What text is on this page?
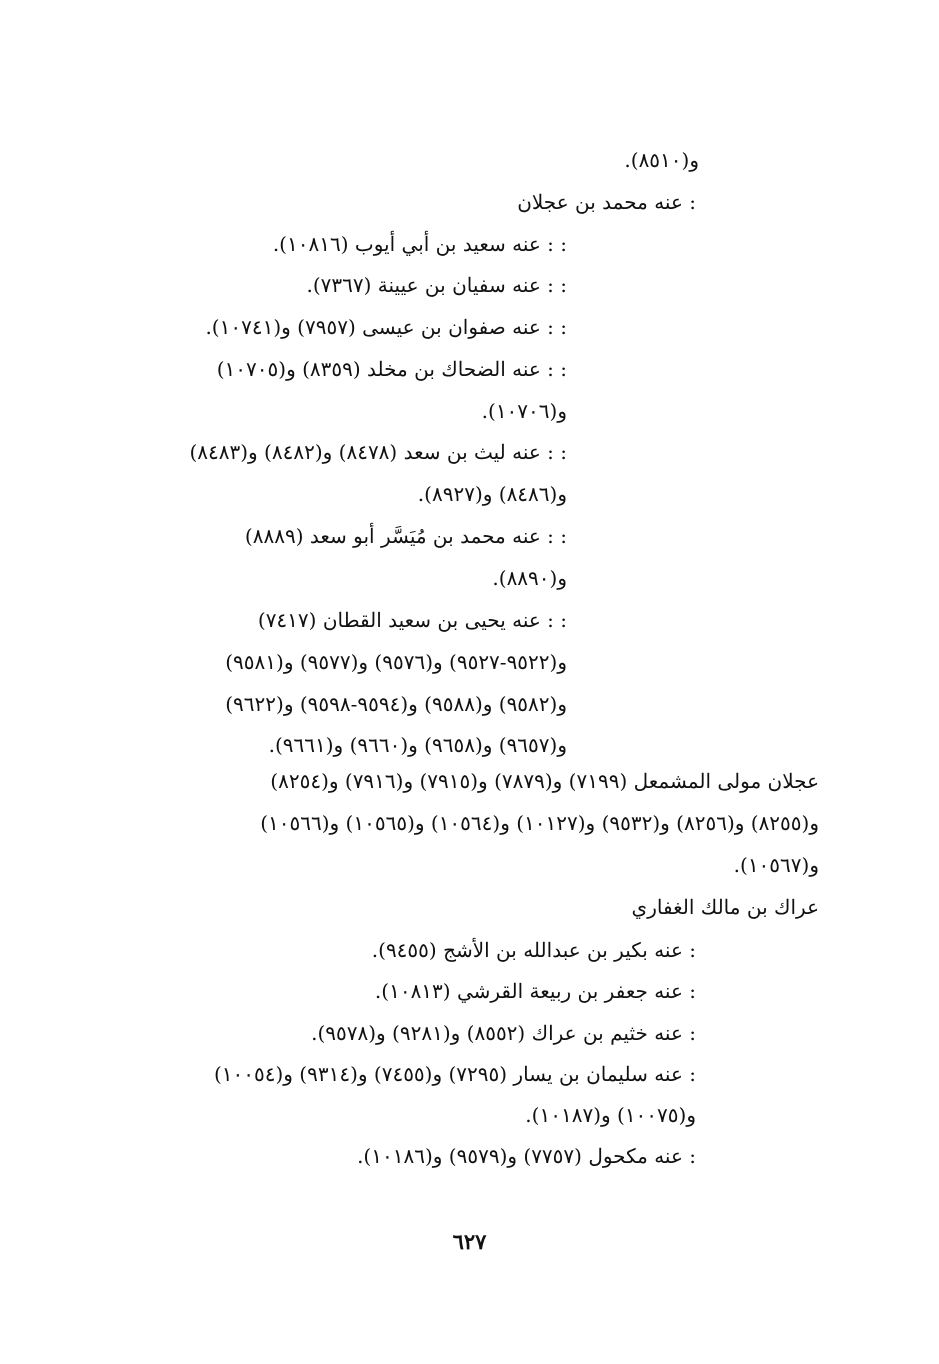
و(٨٥١٠).
: عنه محمد بن عجلان
: : عنه سعيد بن أبي أيوب (١٠٨١٦).
: : عنه سفيان بن عيينة (٧٣٦٧).
: : عنه صفوان بن عيسى (٧٩٥٧) و(١٠٧٤١).
: : عنه الضحاك بن مخلد (٨٣٥٩) و(١٠٧٠٥)
و(١٠٧٠٦).
: : عنه ليث بن سعد (٨٤٧٨) و(٨٤٨٢) و(٨٤٨٣)
و(٨٤٨٦) و(٨٩٢٧).
: : عنه محمد بن مُيَسَّر أبو سعد (٨٨٨٩)
و(٨٨٩٠).
: : عنه يحيى بن سعيد القطان (٧٤١٧)
و(٩٥٢٢-٩٥٢٧) و(٩٥٧٦) و(٩٥٧٧) و(٩٥٨١)
و(٩٥٨٢) و(٩٥٨٨) و(٩٥٩٤-٩٥٩٨) و(٩٦٢٢)
و(٩٦٥٧) و(٩٦٥٨) و(٩٦٦٠) و(٩٦٦١).
عجلان مولى المشمعل (٧١٩٩) و(٧٨٧٩) و(٧٩١٥) و(٧٩١٦) و(٨٢٥٤)
و(٨٢٥٥) و(٨٢٥٦) و(٩٥٣٢) و(١٠١٢٧) و(١٠٥٦٤) و(١٠٥٦٥) و(١٠٥٦٦)
و(١٠٥٦٧).
عراك بن مالك الغفاري
: عنه بكير بن عبدالله بن الأشج (٩٤٥٥).
: عنه جعفر بن ربيعة القرشي (١٠٨١٣).
: عنه خثيم بن عراك (٨٥٥٢) و(٩٢٨١) و(٩٥٧٨).
: عنه سليمان بن يسار (٧٢٩٥) و(٧٤٥٥) و(٩٣١٤) و(١٠٠٥٤)
و(١٠٠٧٥) و(١٠١٨٧).
: عنه مكحول (٧٧٥٧) و(٩٥٧٩) و(١٠١٨٦).
٦٢٧
